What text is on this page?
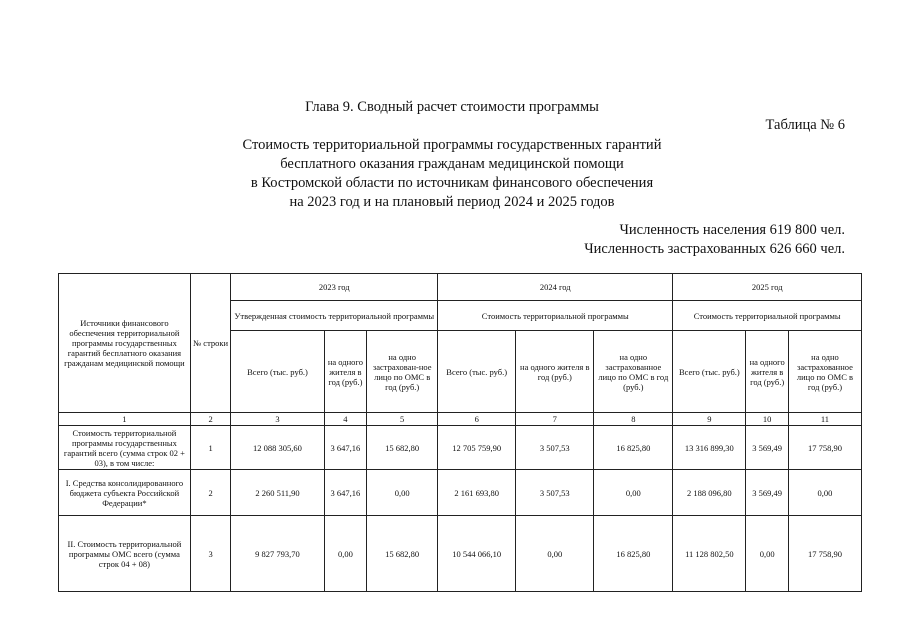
Глава 9. Сводный расчет стоимости программы
Таблица № 6
Стоимость территориальной программы государственных гарантий
бесплатного оказания гражданам медицинской помощи
в Костромской области по источникам финансового обеспечения
на 2023 год и на плановый период 2024 и 2025 годов
Численность населения 619 800 чел.
Численность застрахованных 626 660 чел.
Источники финансового обеспечения территориальной программы государственных гарантий бесплатного оказания гражданам медицинской помощи	№ строки	2023 год			2024 год			2025 год		
		Утвержденная стоимость территориальной программы			Стоимость территориальной программы			Стоимость территориальной программы		
		Всего (тыс. руб.)	на одного жителя в год (руб.)	на одно застрахован-ное лицо по ОМС в год (руб.)	Всего (тыс. руб.)	на одного жителя в год (руб.)	на одно застрахованное лицо по ОМС в год (руб.)	Всего (тыс. руб.)	на одного жителя в год (руб.)	на одно застрахованное лицо по ОМС в год (руб.)
1	2	3	4	5	6	7	8	9	10	11
Стоимость территориальной программы государственных гарантий всего (сумма строк 02 + 03), в том числе:	1	12 088 305,60	3 647,16	15 682,80	12 705 759,90	3 507,53	16 825,80	13 316 899,30	3 569,49	17 758,90
I. Средства консолидированного бюджета субъекта Российской Федерации*	2	2 260 511,90	3 647,16	0,00	2 161 693,80	3 507,53	0,00	2 188 096,80	3 569,49	0,00
II. Стоимость территориальной программы ОМС всего (сумма строк 04 + 08)	3	9 827 793,70	0,00	15 682,80	10 544 066,10	0,00	16 825,80	11 128 802,50	0,00	17 758,90
